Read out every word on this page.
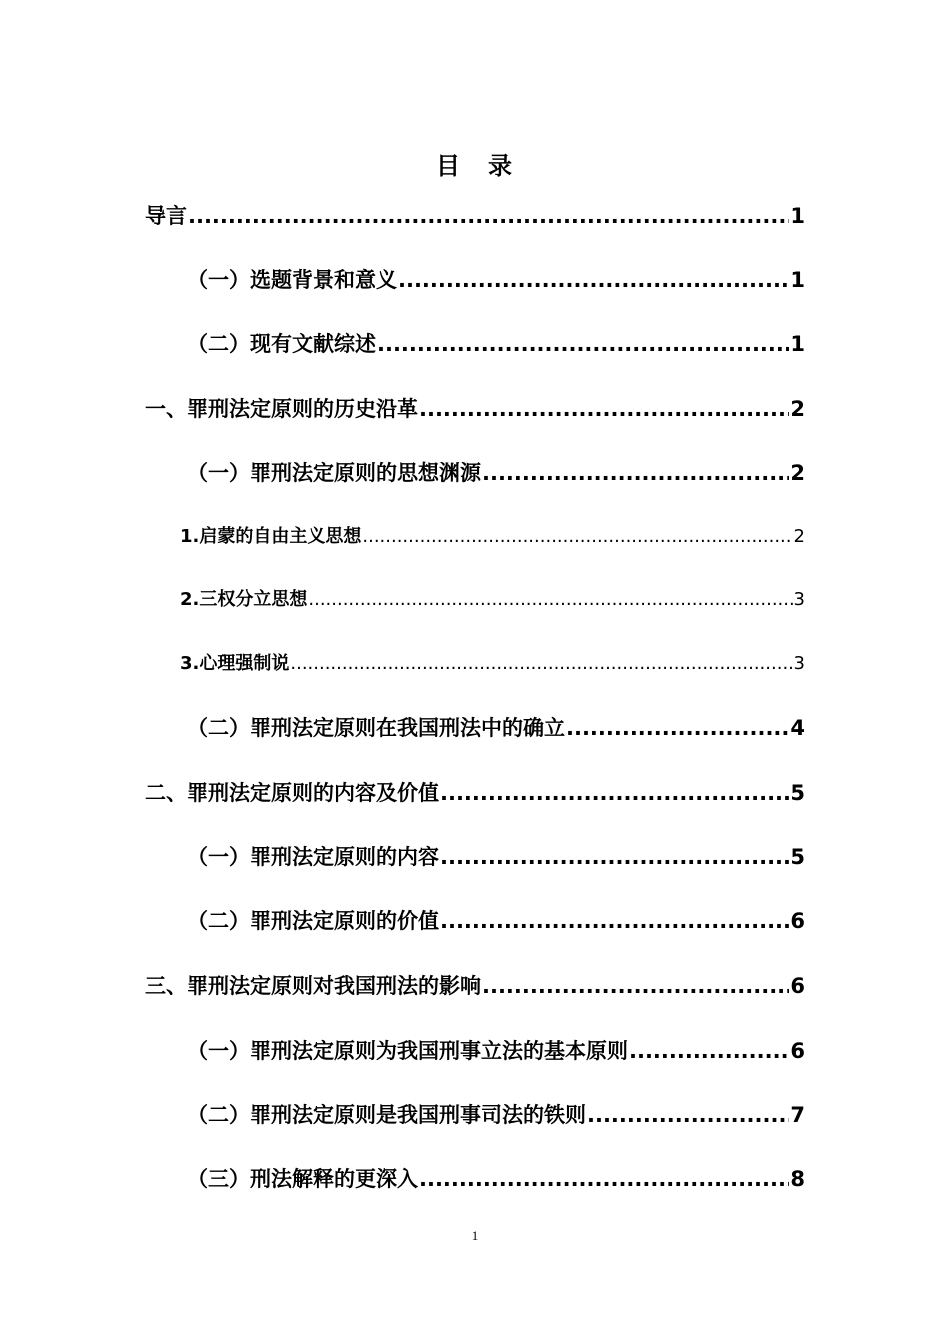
目 录
导言 .....	1
（一）选题背景和意义 .....	1
（二）现有文献综述 .....	1
一、罪刑法定原则的历史沿革 .....	2
（一）罪刑法定原则的思想渊源 .....	2
1.启蒙的自由主义思想 .....	2
2.三权分立思想 .....	3
3.心理强制说 .....	3
（二）罪刑法定原则在我国刑法中的确立 .....	4
二、罪刑法定原则的内容及价值 .....	5
（一）罪刑法定原则的内容 .....	5
（二）罪刑法定原则的价值 .....	6
三、罪刑法定原则对我国刑法的影响 .....	6
（一）罪刑法定原则为我国刑事立法的基本原则 .....	6
（二）罪刑法定原则是我国刑事司法的铁则 .....	7
（三）刑法解释的更深入 .....	8
1
